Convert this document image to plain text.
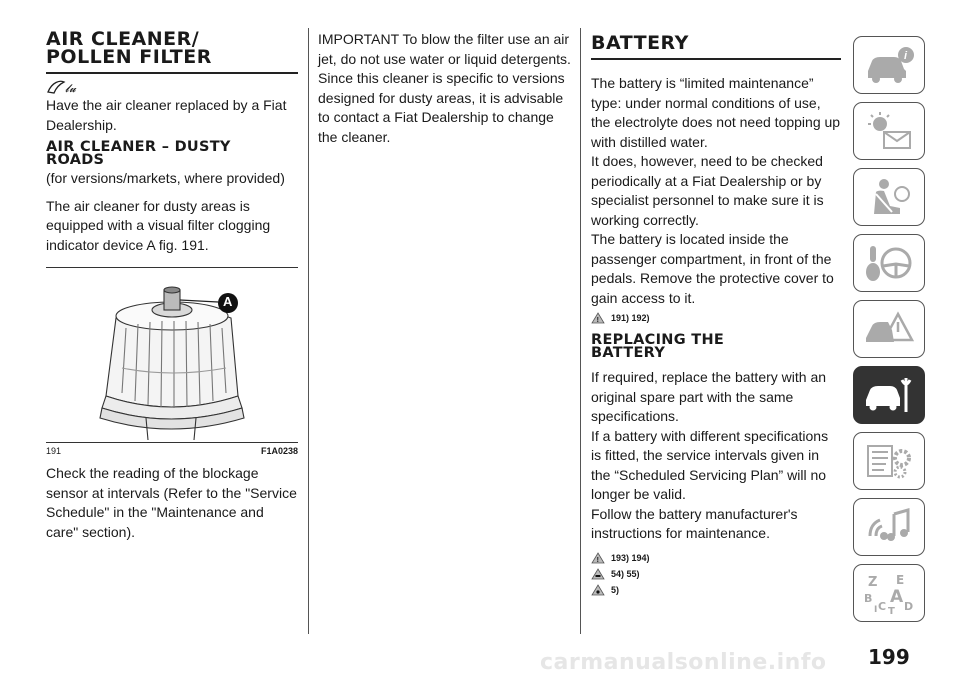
AIR CLEANER/
POLLEN FILTER
𝓵𝓾

Have the air cleaner replaced by a Fiat Dealership.

AIR CLEANER – DUSTY
ROADS

(for versions/markets, where provided)

The air cleaner for dusty areas is equipped with a visual filter clogging indicator device A fig. 191.

A
191	F1A0238

Check the reading of the blockage sensor at intervals (Refer to the "Service Schedule" in the "Maintenance and care" section).

IMPORTANT To blow the filter use an air jet, do not use water or liquid detergents. Since this cleaner is specific to versions designed for dusty areas, it is advisable to contact a Fiat Dealership to change the cleaner.

BATTERY

The battery is “limited maintenance” type: under normal conditions of use, the electrolyte does not need topping up with distilled water.

It does, however, need to be checked periodically at a Fiat Dealership or by specialist personnel to make sure it is working correctly.

The battery is located inside the passenger compartment, in front of the pedals. Remove the protective cover to gain access to it.

! 191) 192)
REPLACING THE
BATTERY

If required, replace the battery with an original spare part with the same specifications.

If a battery with different specifications is fitted, the service intervals given in the “Scheduled Servicing Plan” will no longer be valid.

Follow the battery manufacturer's instructions for maintenance.

! 193) 194)
54) 55)
5)
i
Z E
B A
C D
I T
199
carmanualsonline.info
